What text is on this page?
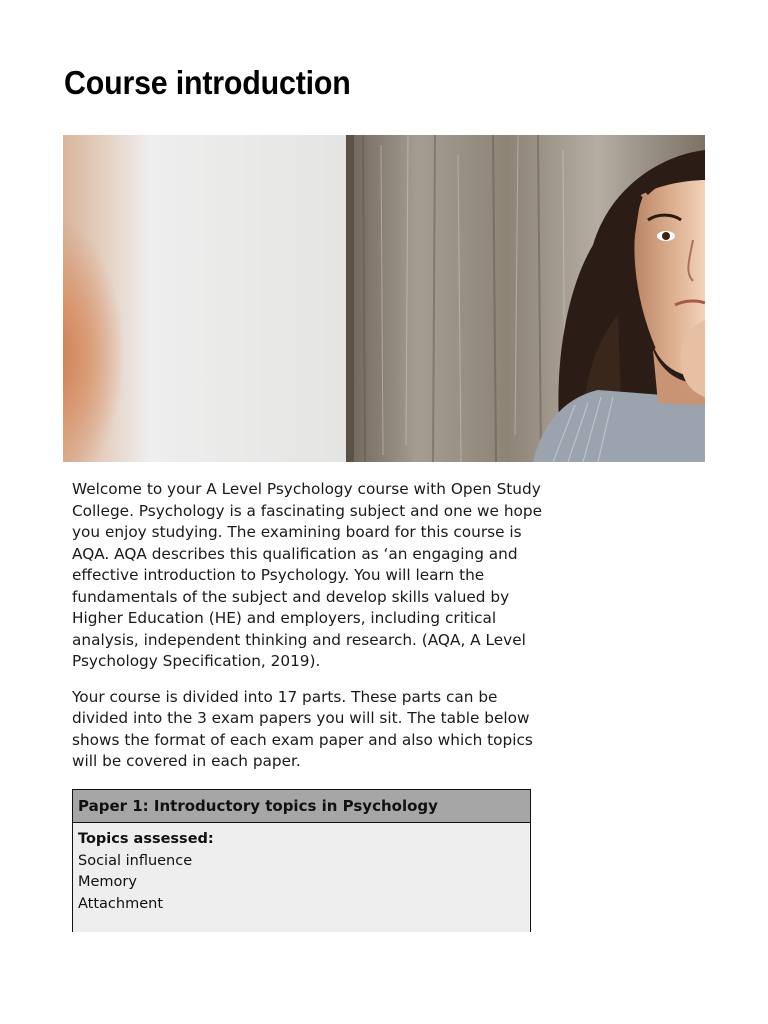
Course introduction

Welcome to your A Level Psychology course with Open Study College. Psychology is a fascinating subject and one we hope you enjoy studying. The examining board for this course is AQA. AQA describes this qualification as ‘an engaging and effective introduction to Psychology. You will learn the fundamentals of the subject and develop skills valued by Higher Education (HE) and employers, including critical analysis, independent thinking and research. (AQA, A Level Psychology Specification, 2019).

Your course is divided into 17 parts. These parts can be divided into the 3 exam papers you will sit. The table below shows the format of each exam paper and also which topics will be covered in each paper.

Paper 1: Introductory topics in Psychology
Topics assessed:
Social influence
Memory
Attachment
